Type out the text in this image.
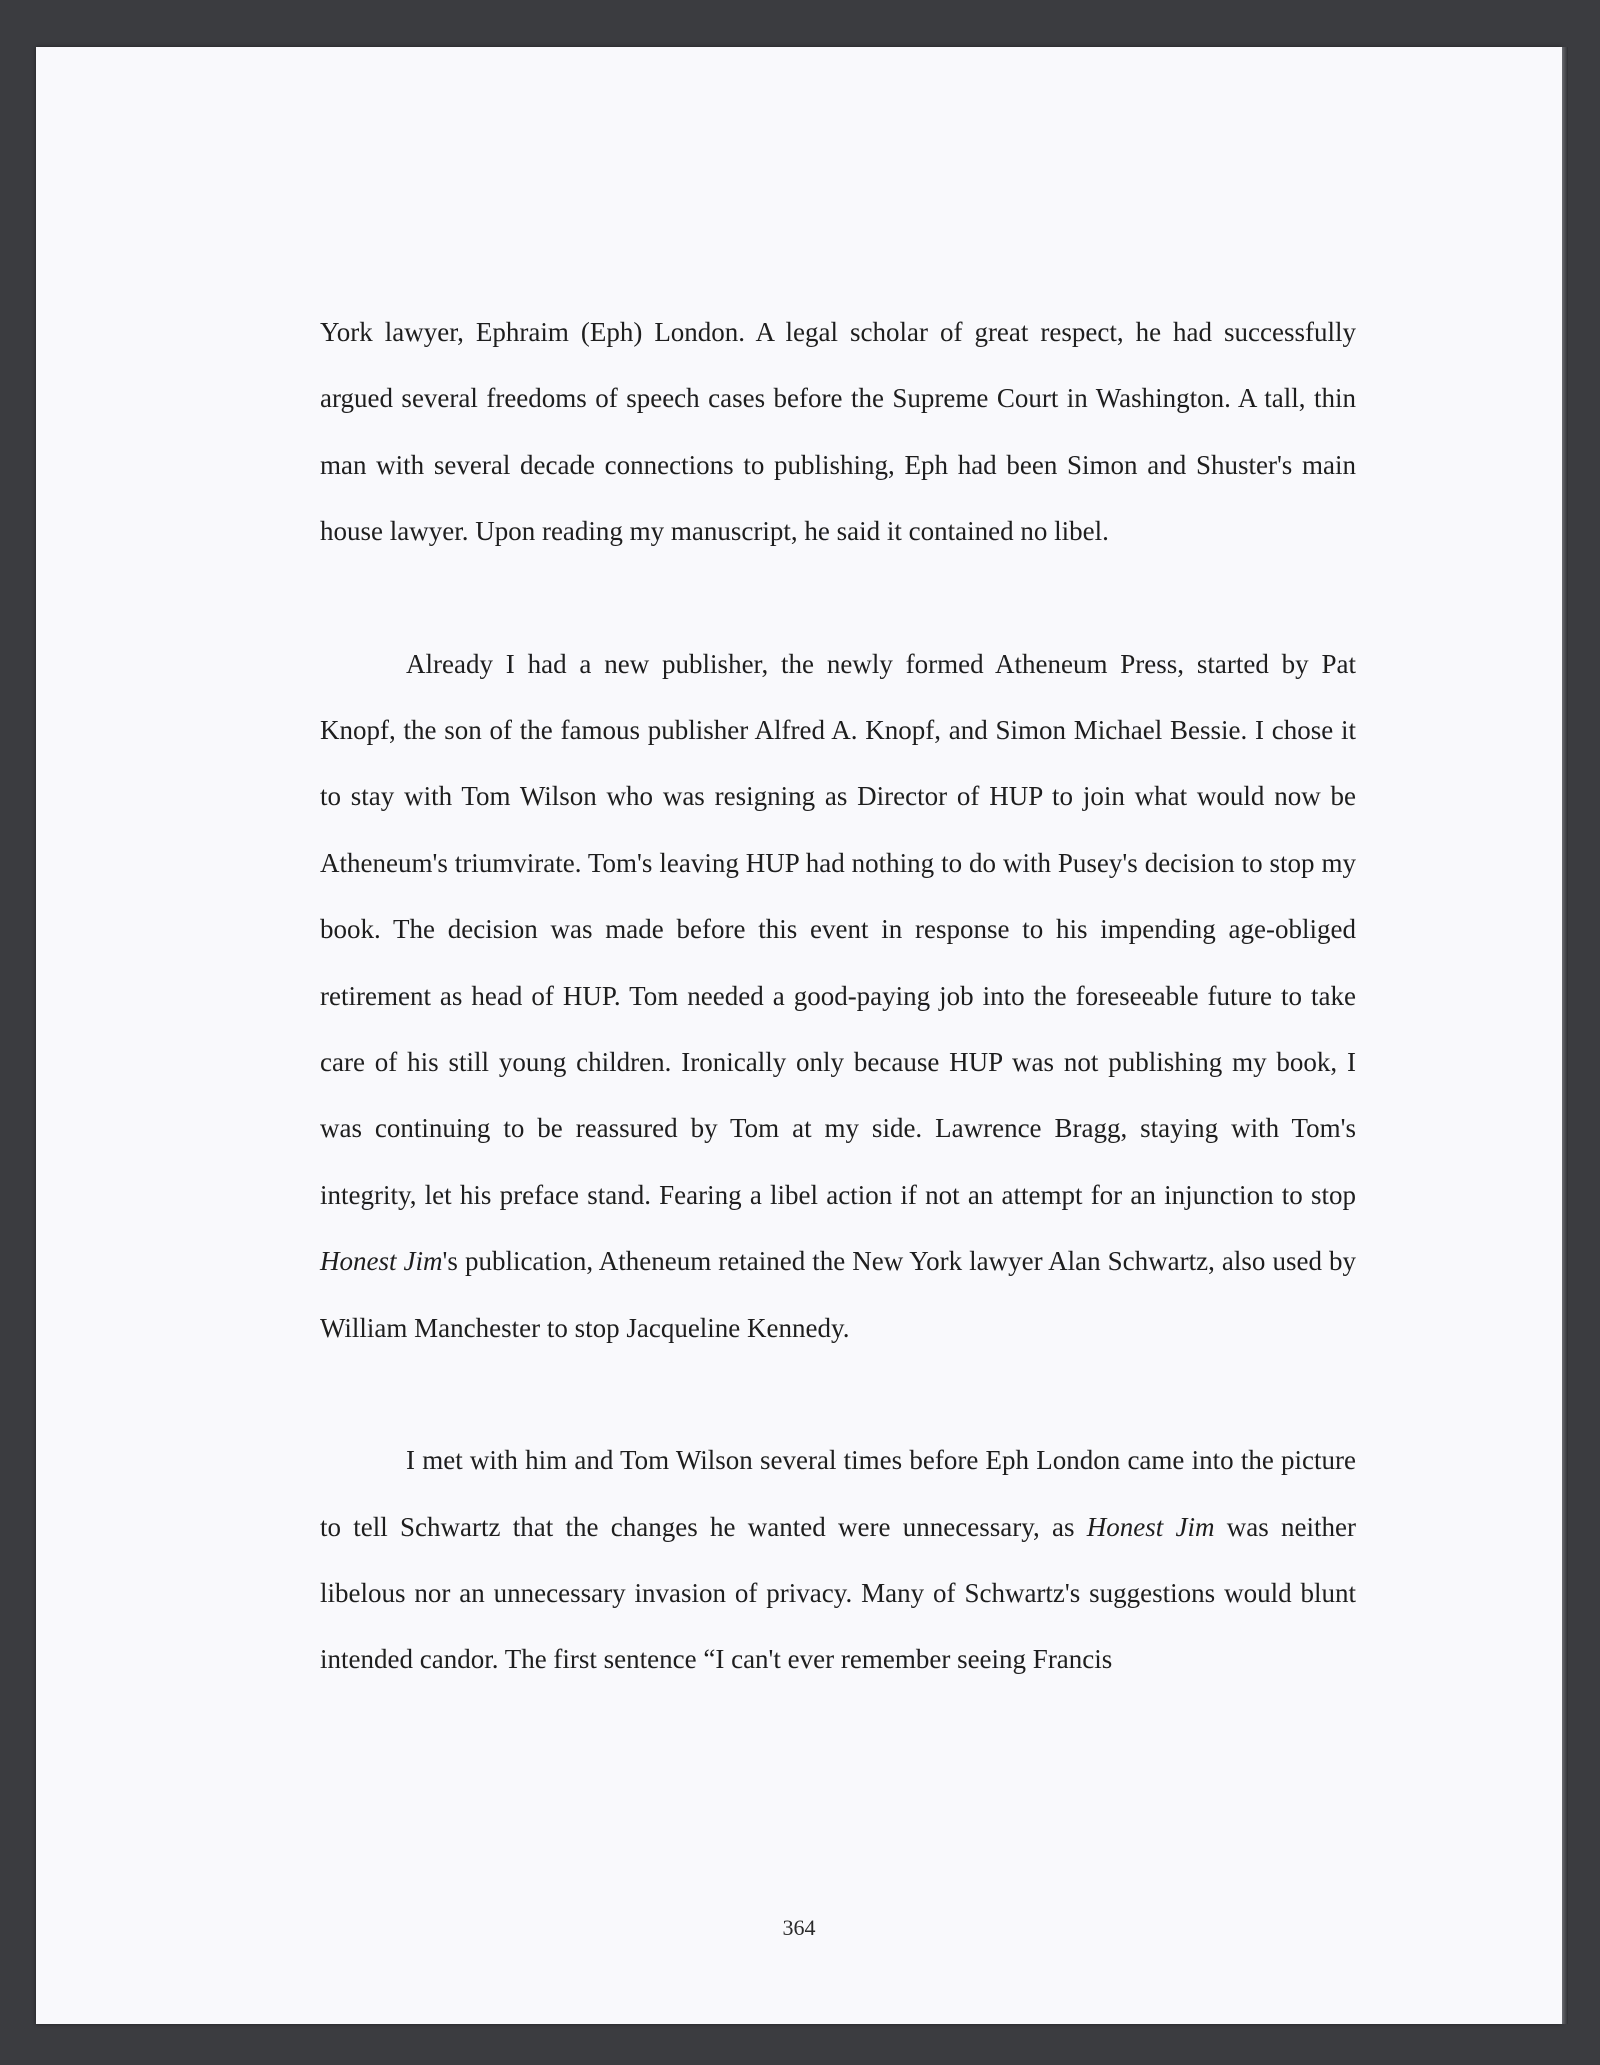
York lawyer, Ephraim (Eph) London. A legal scholar of great respect, he had successfully argued several freedoms of speech cases before the Supreme Court in Washington. A tall, thin man with several decade connections to publishing, Eph had been Simon and Shuster's main house lawyer. Upon reading my manuscript, he said it contained no libel.

Already I had a new publisher, the newly formed Atheneum Press, started by Pat Knopf, the son of the famous publisher Alfred A. Knopf, and Simon Michael Bessie. I chose it to stay with Tom Wilson who was resigning as Director of HUP to join what would now be Atheneum's triumvirate. Tom's leaving HUP had nothing to do with Pusey's decision to stop my book. The decision was made before this event in response to his impending age-obliged retirement as head of HUP. Tom needed a good-paying job into the foreseeable future to take care of his still young children. Ironically only because HUP was not publishing my book, I was continuing to be reassured by Tom at my side. Lawrence Bragg, staying with Tom's integrity, let his preface stand. Fearing a libel action if not an attempt for an injunction to stop Honest Jim's publication, Atheneum retained the New York lawyer Alan Schwartz, also used by William Manchester to stop Jacqueline Kennedy.

I met with him and Tom Wilson several times before Eph London came into the picture to tell Schwartz that the changes he wanted were unnecessary, as Honest Jim was neither libelous nor an unnecessary invasion of privacy. Many of Schwartz's suggestions would blunt intended candor. The first sentence “I can't ever remember seeing Francis

364
